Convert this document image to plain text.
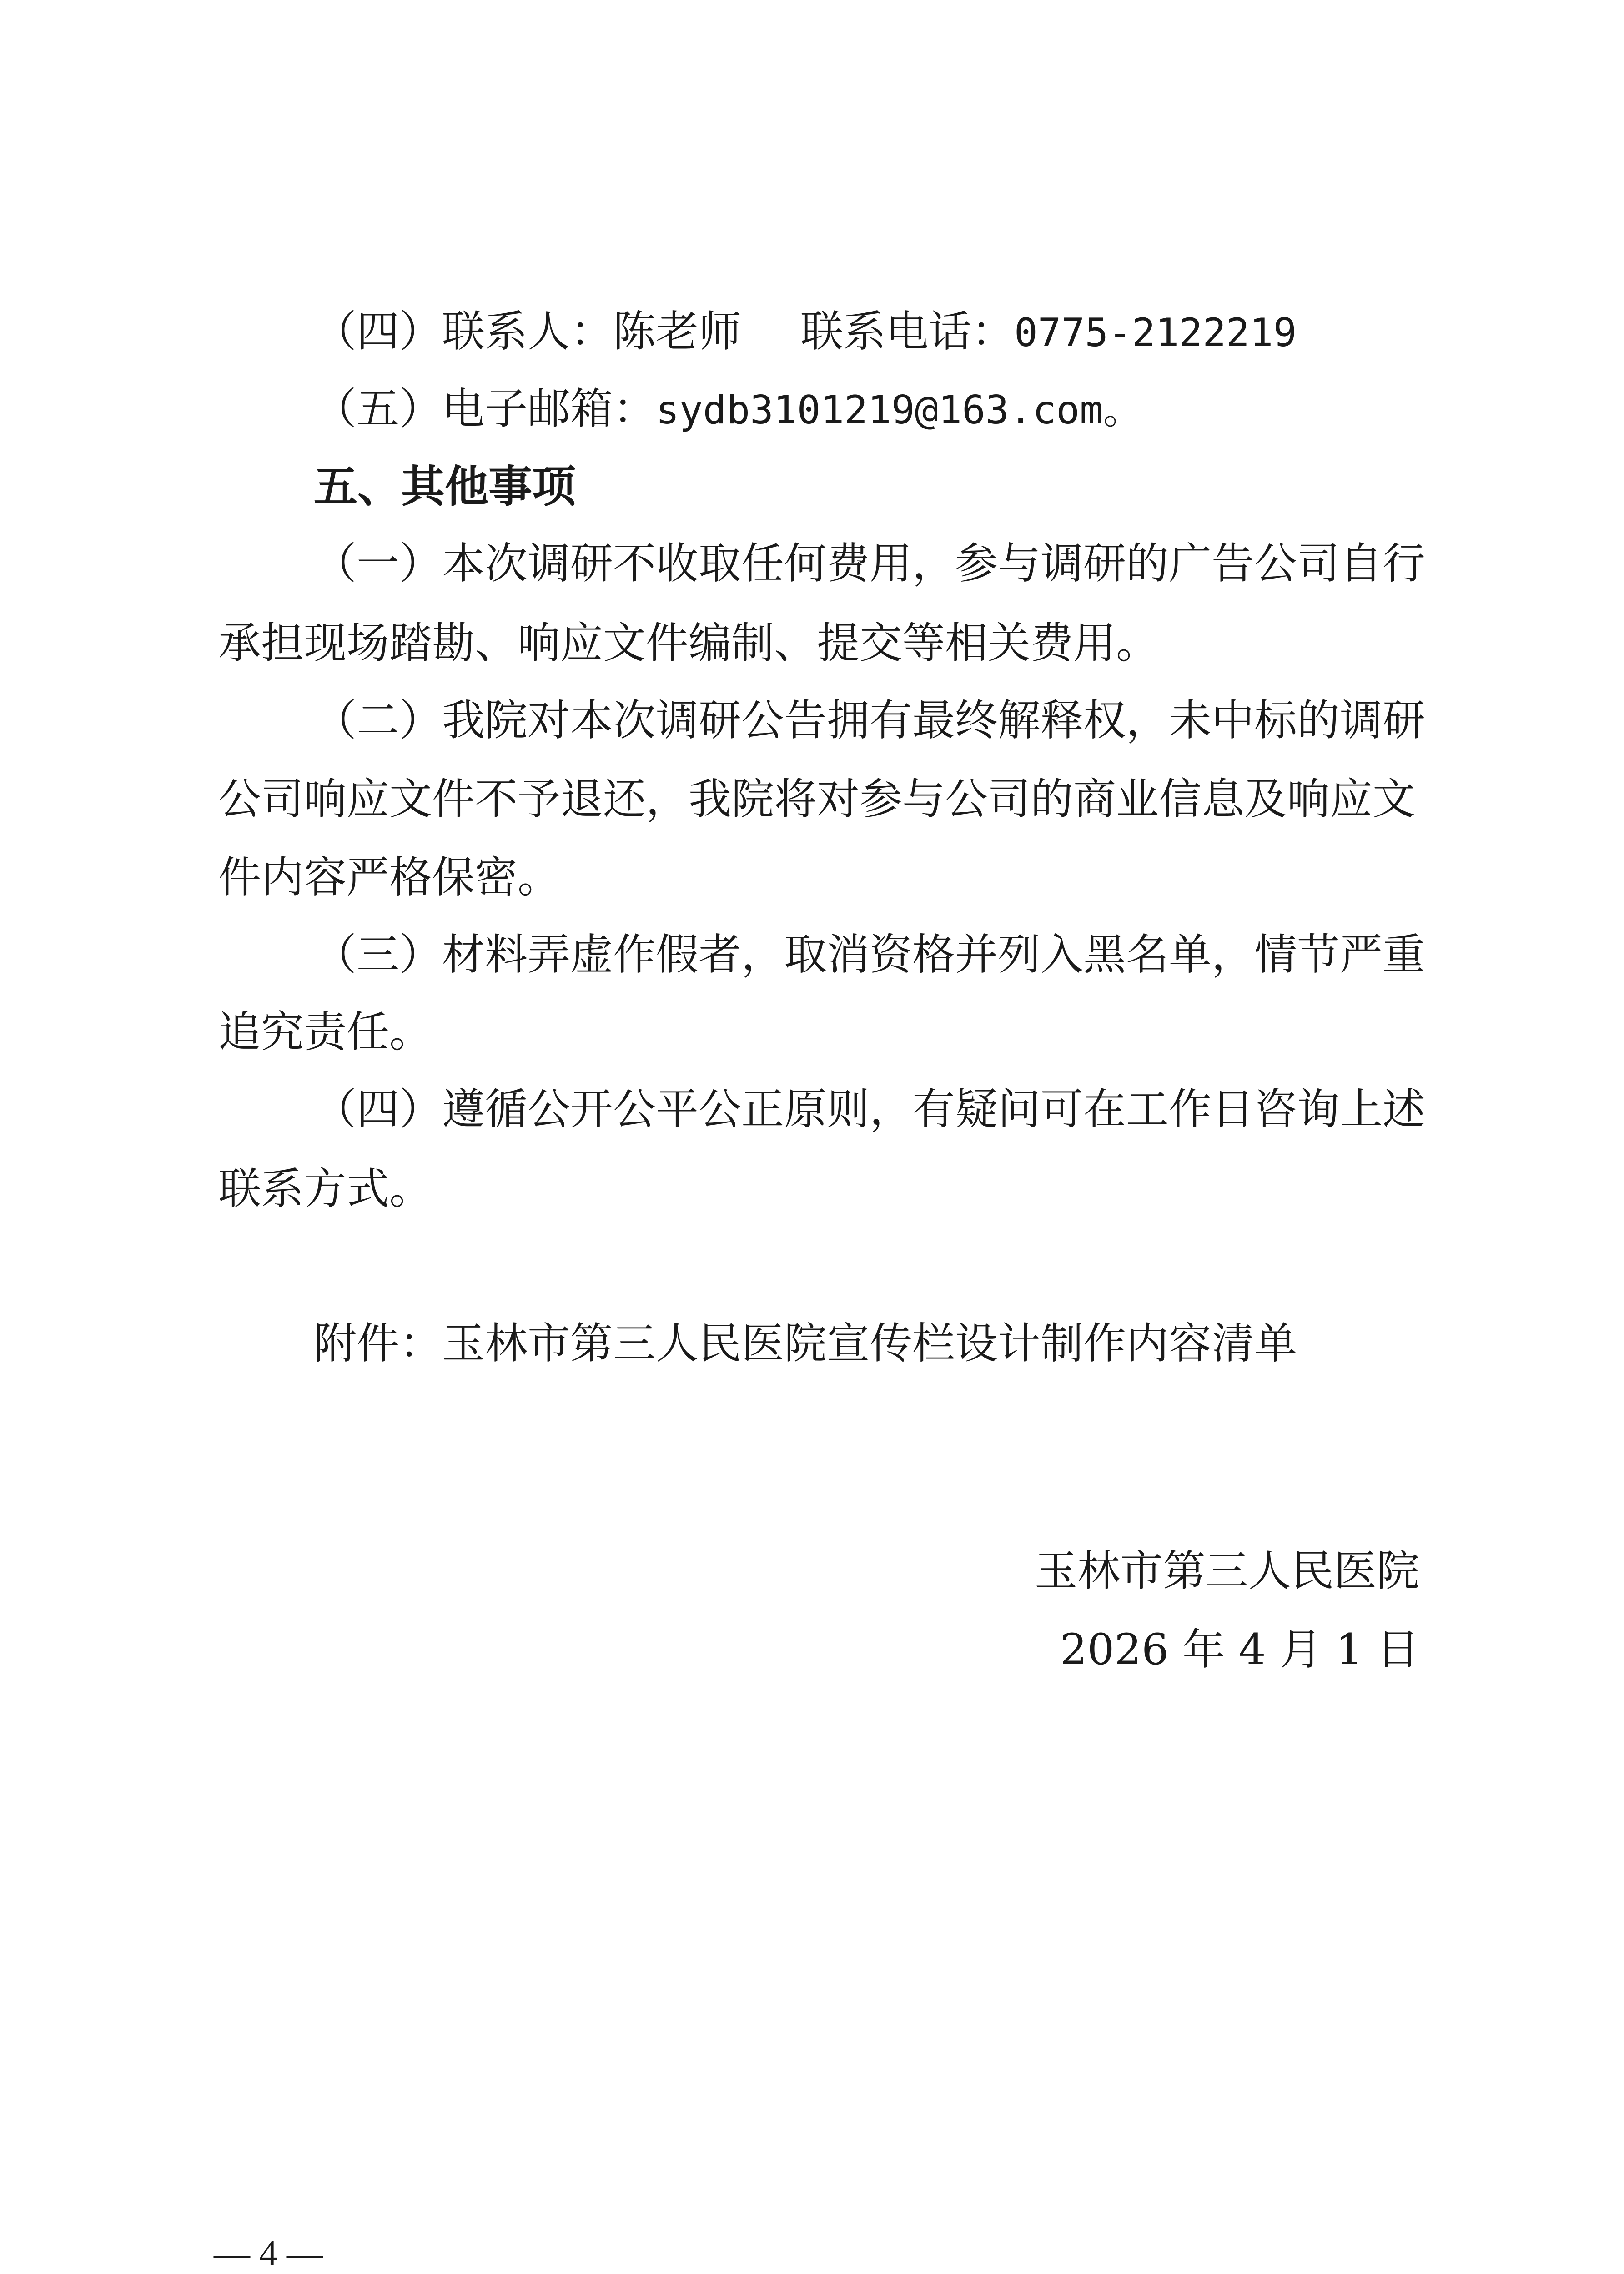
（四）联系人：陈老师 联系电话：0775-2122219
（五）电子邮箱：sydb3101219@163.com。
五、其他事项
（一）本次调研不收取任何费用，参与调研的广告公司自行
承担现场踏勘、响应文件编制、提交等相关费用。
（二）我院对本次调研公告拥有最终解释权，未中标的调研
公司响应文件不予退还，我院将对参与公司的商业信息及响应文
件内容严格保密。
（三）材料弄虚作假者，取消资格并列入黑名单，情节严重
追究责任。
（四）遵循公开公平公正原则，有疑问可在工作日咨询上述
联系方式。
附件：玉林市第三人民医院宣传栏设计制作内容清单
玉林市第三人民医院
2026 年 4 月 1 日
— 4 —
